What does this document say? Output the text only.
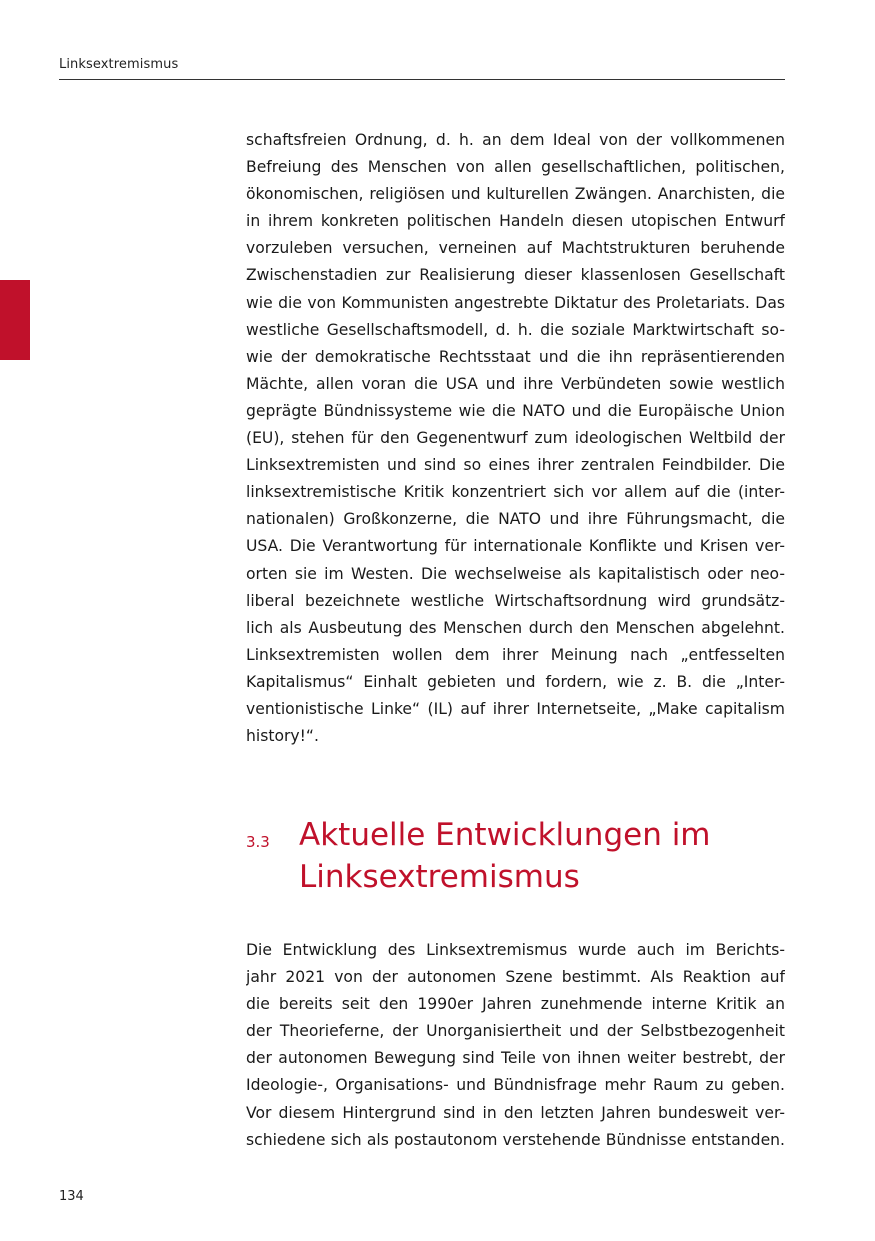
Linksextremismus
schaftsfreien Ordnung, d. h. an dem Ideal von der vollkommenen
Befreiung des Menschen von allen gesellschaftlichen, politischen,
ökonomischen, religiösen und kulturellen Zwängen. Anarchisten, die
in ihrem konkreten politischen Handeln diesen utopischen Entwurf
vorzuleben versuchen, verneinen auf Machtstrukturen beruhende
Zwischenstadien zur Realisierung dieser klassenlosen Gesellschaft
wie die von Kommunisten angestrebte Diktatur des Proletariats. Das
westliche Gesellschaftsmodell, d. h. die soziale Marktwirtschaft so-
wie der demokratische Rechtsstaat und die ihn repräsentierenden
Mächte, allen voran die USA und ihre Verbündeten sowie westlich
geprägte Bündnissysteme wie die NATO und die Europäische Union
(EU), stehen für den Gegenentwurf zum ideologischen Weltbild der
Linksextremisten und sind so eines ihrer zentralen Feindbilder. Die
linksextremistische Kritik konzentriert sich vor allem auf die (inter-
nationalen) Großkonzerne, die NATO und ihre Führungsmacht, die
USA. Die Verantwortung für internationale Konflikte und Krisen ver-
orten sie im Westen. Die wechselweise als kapitalistisch oder neo-
liberal bezeichnete westliche Wirtschaftsordnung wird grundsätz-
lich als Ausbeutung des Menschen durch den Menschen abgelehnt.
Linksextremisten wollen dem ihrer Meinung nach „entfesselten
Kapitalismus“ Einhalt gebieten und fordern, wie z. B. die „Inter-
ventionistische Linke“ (IL) auf ihrer Internetseite, „Make capitalism
history!“.
3.3 Aktuelle Entwicklungen im
Linksextremismus
Die Entwicklung des Linksextremismus wurde auch im Berichts-
jahr 2021 von der autonomen Szene bestimmt. Als Reaktion auf
die bereits seit den 1990er Jahren zunehmende interne Kritik an
der Theorieferne, der Unorganisiertheit und der Selbstbezogenheit
der autonomen Bewegung sind Teile von ihnen weiter bestrebt, der
Ideologie-, Organisations- und Bündnisfrage mehr Raum zu geben.
Vor diesem Hintergrund sind in den letzten Jahren bundesweit ver-
schiedene sich als postautonom verstehende Bündnisse entstanden.
134
